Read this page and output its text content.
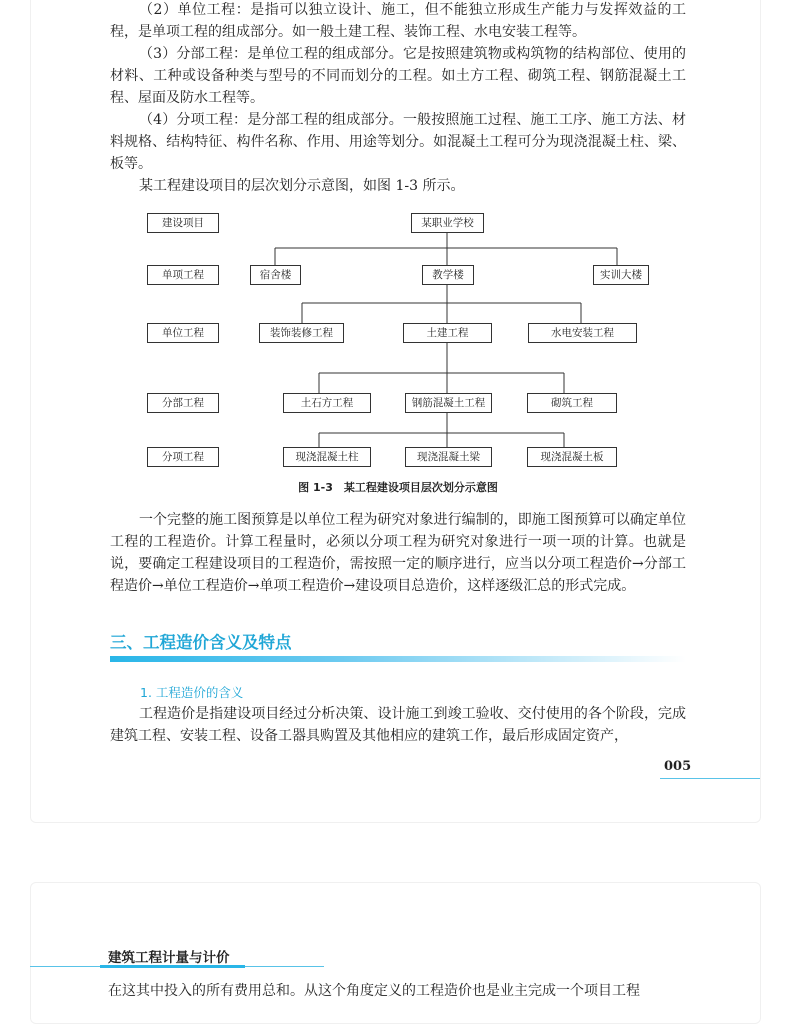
（2）单位工程：是指可以独立设计、施工，但不能独立形成生产能力与发挥效益的工程，是单项工程的组成部分。如一般土建工程、装饰工程、水电安装工程等。

（3）分部工程：是单位工程的组成部分。它是按照建筑物或构筑物的结构部位、使用的材料、工种或设备种类与型号的不同而划分的工程。如土方工程、砌筑工程、钢筋混凝土工程、屋面及防水工程等。

（4）分项工程：是分部工程的组成部分。一般按照施工过程、施工工序、施工方法、材料规格、结构特征、构件名称、作用、用途等划分。如混凝土工程可分为现浇混凝土柱、梁、板等。

某工程建设项目的层次划分示意图，如图 1-3 所示。

建设项目
单项工程
单位工程
分部工程
分项工程
某职业学校
宿舍楼	教学楼	实训大楼
装饰装修工程	土建工程	水电安装工程
土石方工程	钢筋混凝土工程	砌筑工程
现浇混凝土柱	现浇混凝土梁	现浇混凝土板
图 1-3　某工程建设项目层次划分示意图

一个完整的施工图预算是以单位工程为研究对象进行编制的，即施工图预算可以确定单位工程的工程造价。计算工程量时，必须以分项工程为研究对象进行一项一项的计算。也就是说，要确定工程建设项目的工程造价，需按照一定的顺序进行，应当以分项工程造价→分部工程造价→单位工程造价→单项工程造价→建设项目总造价，这样逐级汇总的形式完成。

三、工程造价含义及特点
1. 工程造价的含义

工程造价是指建设项目经过分析决策、设计施工到竣工验收、交付使用的各个阶段，完成建筑工程、安装工程、设备工器具购置及其他相应的建筑工作，最后形成固定资产，

005
建筑工程计量与计价
在这其中投入的所有费用总和。从这个角度定义的工程造价也是业主完成一个项目工程
